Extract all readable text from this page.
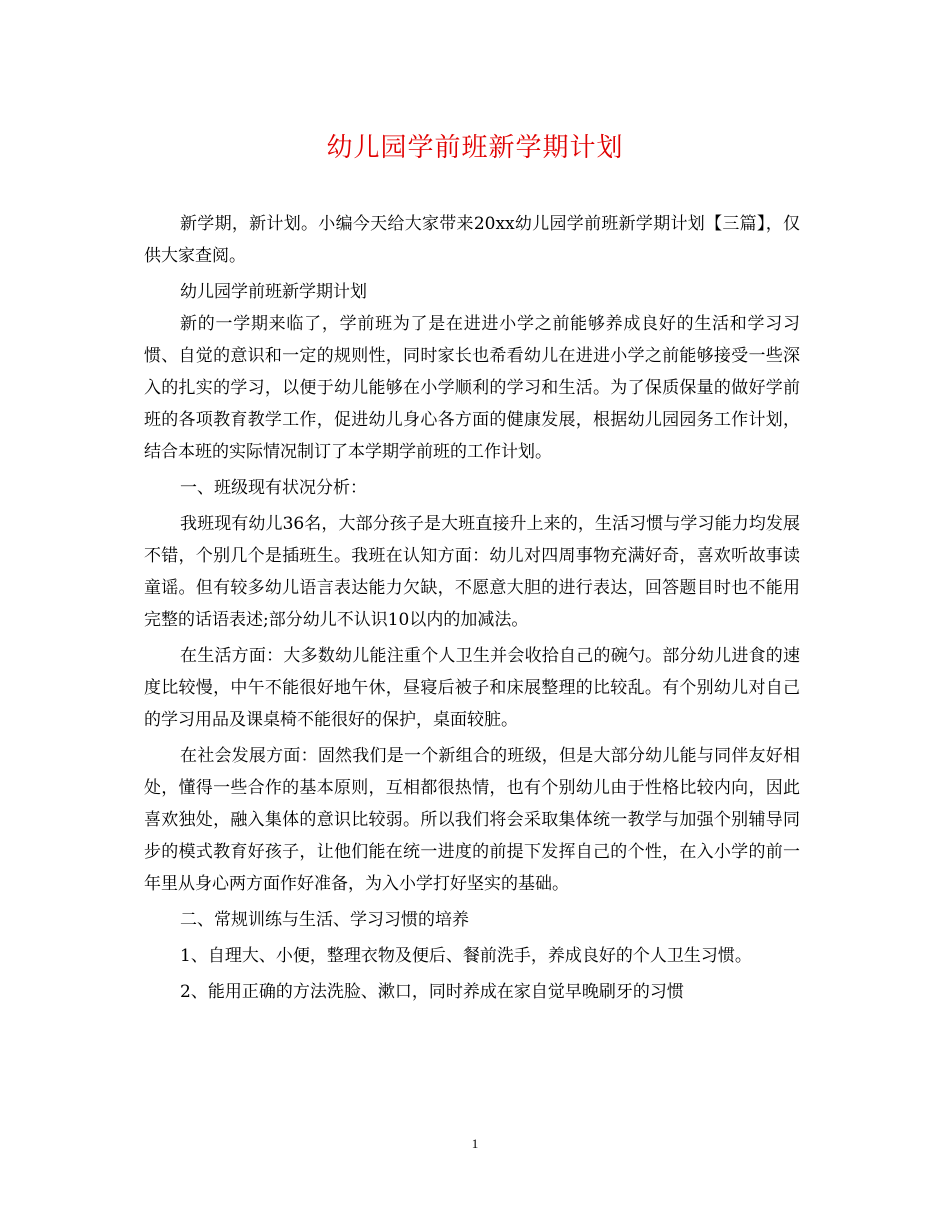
幼儿园学前班新学期计划

新学期，新计划。小编今天给大家带来20xx幼儿园学前班新学期计划【三篇】，仅供大家查阅。

幼儿园学前班新学期计划

新的一学期来临了，学前班为了是在进进小学之前能够养成良好的生活和学习习惯、自觉的意识和一定的规则性，同时家长也希看幼儿在进进小学之前能够接受一些深入的扎实的学习，以便于幼儿能够在小学顺利的学习和生活。为了保质保量的做好学前班的各项教育教学工作，促进幼儿身心各方面的健康发展，根据幼儿园园务工作计划，结合本班的实际情况制订了本学期学前班的工作计划。

一、班级现有状况分析：

我班现有幼儿36名，大部分孩子是大班直接升上来的，生活习惯与学习能力均发展不错，个别几个是插班生。我班在认知方面：幼儿对四周事物充满好奇，喜欢听故事读童谣。但有较多幼儿语言表达能力欠缺，不愿意大胆的进行表达，回答题目时也不能用完整的话语表述;部分幼儿不认识10以内的加减法。

在生活方面：大多数幼儿能注重个人卫生并会收拾自己的碗勺。部分幼儿进食的速度比较慢，中午不能很好地午休，昼寝后被子和床展整理的比较乱。有个别幼儿对自己的学习用品及课桌椅不能很好的保护，桌面较脏。

在社会发展方面：固然我们是一个新组合的班级，但是大部分幼儿能与同伴友好相处，懂得一些合作的基本原则，互相都很热情，也有个别幼儿由于性格比较内向，因此喜欢独处，融入集体的意识比较弱。所以我们将会采取集体统一教学与加强个别辅导同步的模式教育好孩子，让他们能在统一进度的前提下发挥自己的个性，在入小学的前一年里从身心两方面作好准备，为入小学打好坚实的基础。

二、常规训练与生活、学习习惯的培养

1、自理大、小便，整理衣物及便后、餐前洗手，养成良好的个人卫生习惯。

2、能用正确的方法洗脸、漱口，同时养成在家自觉早晚刷牙的习惯

1
